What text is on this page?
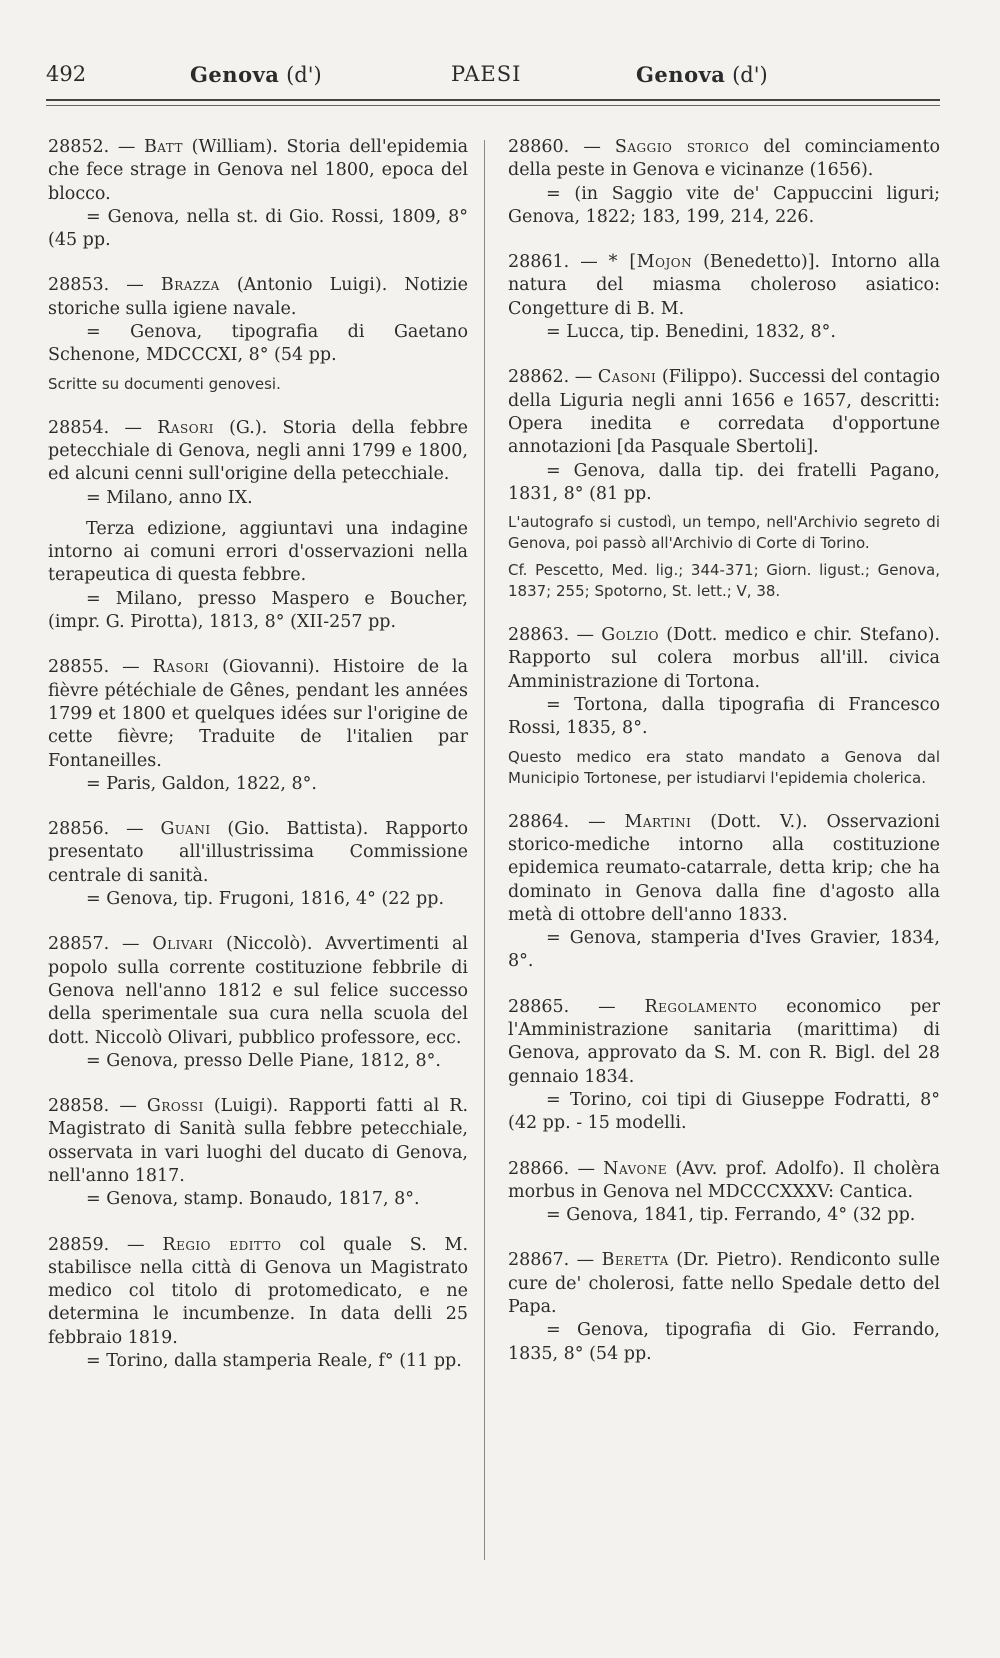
492	Genova (d')	PAESI	Genova (d')

28852. — Batt (William). Storia dell'epidemia che fece strage in Genova nel 1800, epoca del blocco.

= Genova, nella st. di Gio. Rossi, 1809, 8° (45 pp.

28853. — Brazza (Antonio Luigi). Notizie storiche sulla igiene navale.

= Genova, tipografia di Gaetano Schenone, MDCCCXI, 8° (54 pp.

Scritte su documenti genovesi.

28854. — Rasori (G.). Storia della febbre petecchiale di Genova, negli anni 1799 e 1800, ed alcuni cenni sull'origine della petecchiale.

= Milano, anno IX.

Terza edizione, aggiuntavi una indagine intorno ai comuni errori d'osservazioni nella terapeutica di questa febbre.

= Milano, presso Maspero e Boucher, (impr. G. Pirotta), 1813, 8° (XII-257 pp.

28855. — Rasori (Giovanni). Histoire de la fièvre pétéchiale de Gênes, pendant les années 1799 et 1800 et quelques idées sur l'origine de cette fièvre; Traduite de l'italien par Fontaneilles.

= Paris, Galdon, 1822, 8°.

28856. — Guani (Gio. Battista). Rapporto presentato all'illustrissima Commissione centrale di sanità.

= Genova, tip. Frugoni, 1816, 4° (22 pp.

28857. — Olivari (Niccolò). Avvertimenti al popolo sulla corrente costituzione febbrile di Genova nell'anno 1812 e sul felice successo della sperimentale sua cura nella scuola del dott. Niccolò Olivari, pubblico professore, ecc.

= Genova, presso Delle Piane, 1812, 8°.

28858. — Grossi (Luigi). Rapporti fatti al R. Magistrato di Sanità sulla febbre petecchiale, osservata in vari luoghi del ducato di Genova, nell'anno 1817.

= Genova, stamp. Bonaudo, 1817, 8°.

28859. — Regio editto col quale S. M. stabilisce nella città di Genova un Magistrato medico col titolo di protomedicato, e ne determina le incumbenze. In data delli 25 febbraio 1819.

= Torino, dalla stamperia Reale, f° (11 pp.

28860. — Saggio storico del cominciamento della peste in Genova e vicinanze (1656).

= (in Saggio vite de' Cappuccini liguri; Genova, 1822; 183, 199, 214, 226.

28861. — * [Mojon (Benedetto)]. Intorno alla natura del miasma choleroso asiatico: Congetture di B. M.

= Lucca, tip. Benedini, 1832, 8°.

28862. — Casoni (Filippo). Successi del contagio della Liguria negli anni 1656 e 1657, descritti: Opera inedita e corredata d'opportune annotazioni [da Pasquale Sbertoli].

= Genova, dalla tip. dei fratelli Pagano, 1831, 8° (81 pp.

L'autografo si custodì, un tempo, nell'Archivio segreto di Genova, poi passò all'Archivio di Corte di Torino.

Cf. Pescetto, Med. lig.; 344-371; Giorn. ligust.; Genova, 1837; 255; Spotorno, St. lett.; V, 38.

28863. — Golzio (Dott. medico e chir. Stefano). Rapporto sul colera morbus all'ill. civica Amministrazione di Tortona.

= Tortona, dalla tipografia di Francesco Rossi, 1835, 8°.

Questo medico era stato mandato a Genova dal Municipio Tortonese, per istudiarvi l'epidemia cholerica.

28864. — Martini (Dott. V.). Osservazioni storico-mediche intorno alla costituzione epidemica reumato-catarrale, detta krip; che ha dominato in Genova dalla fine d'agosto alla metà di ottobre dell'anno 1833.

= Genova, stamperia d'Ives Gravier, 1834, 8°.

28865. — Regolamento economico per l'Amministrazione sanitaria (marittima) di Genova, approvato da S. M. con R. Bigl. del 28 gennaio 1834.

= Torino, coi tipi di Giuseppe Fodratti, 8° (42 pp. - 15 modelli.

28866. — Navone (Avv. prof. Adolfo). Il cholèra morbus in Genova nel MDCCCXXXV: Cantica.

= Genova, 1841, tip. Ferrando, 4° (32 pp.

28867. — Beretta (Dr. Pietro). Rendiconto sulle cure de' cholerosi, fatte nello Spedale detto del Papa.

= Genova, tipografia di Gio. Ferrando, 1835, 8° (54 pp.
